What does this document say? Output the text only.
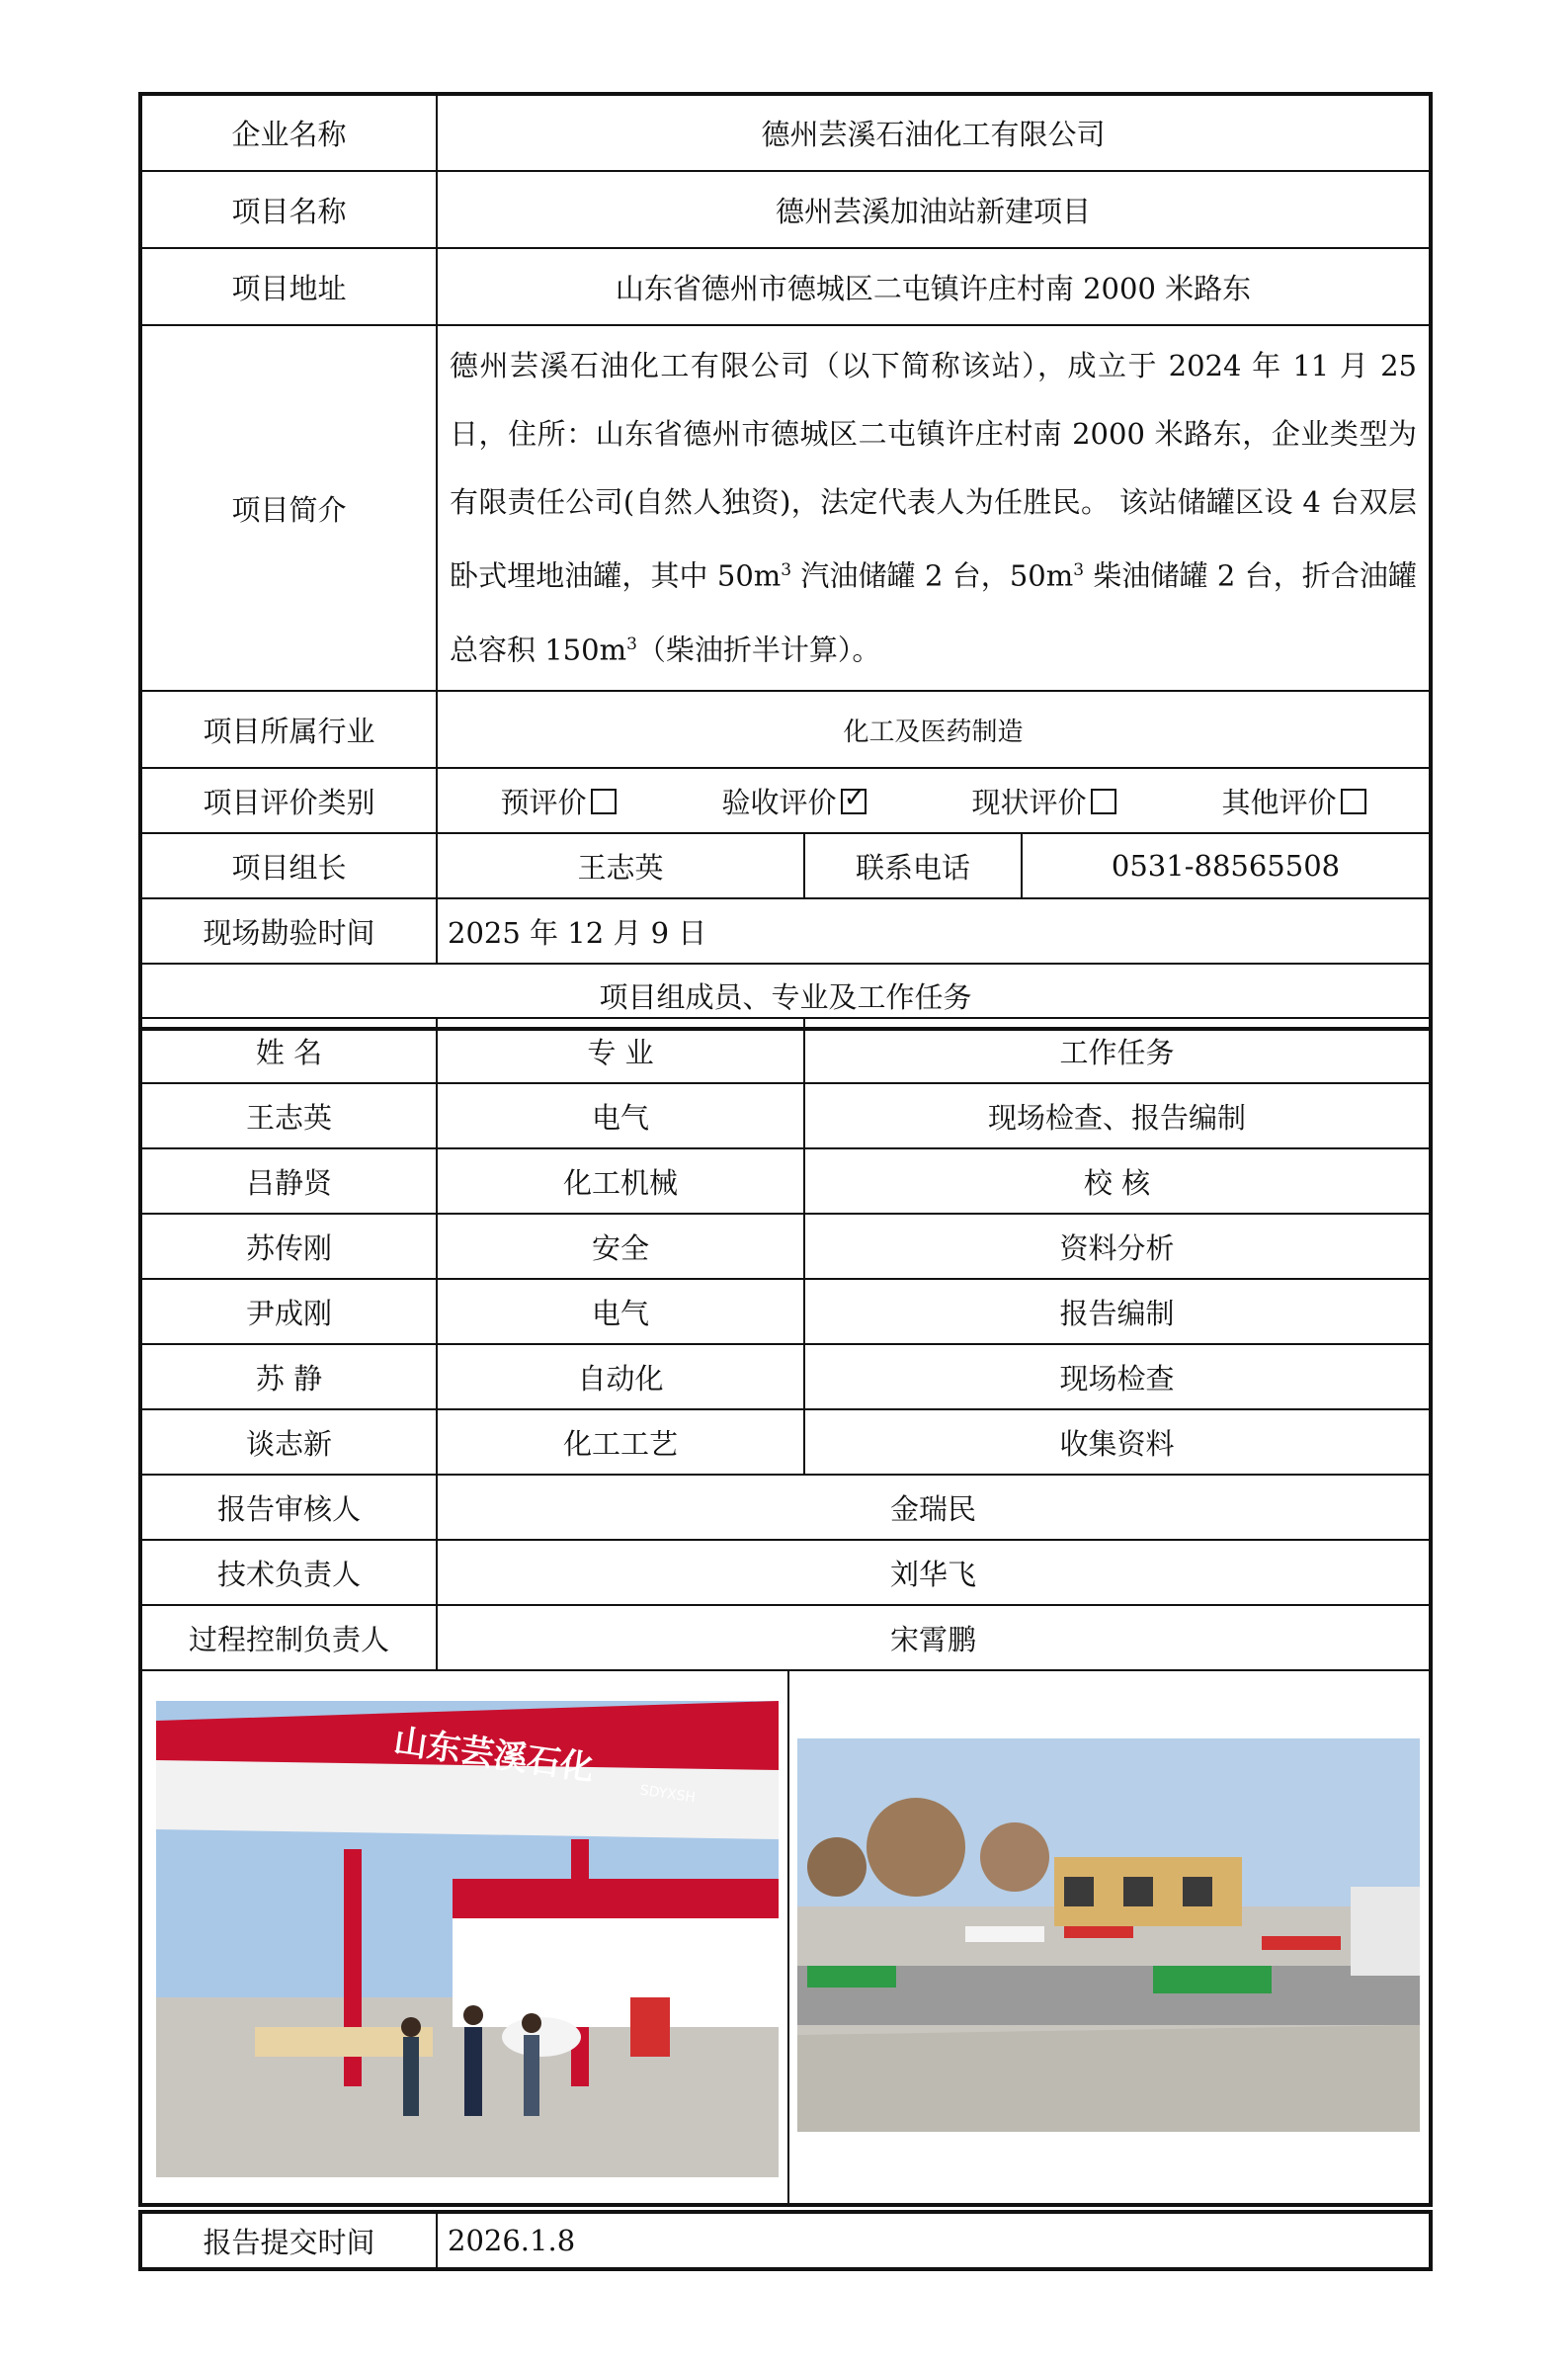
企业名称	德州芸溪石油化工有限公司		
项目名称	德州芸溪加油站新建项目		
项目地址	山东省德州市德城区二屯镇许庄村南 2000 米路东		
项目简介	德州芸溪石油化工有限公司（以下简称该站），成立于 2024 年 11 月 25 日，住所：山东省德州市德城区二屯镇许庄村南 2000 米路东，企业类型为有限责任公司(自然人独资)，法定代表人为任胜民。 该站储罐区设 4 台双层卧式埋地油罐，其中 $50m^3$ 汽油储罐 2 台，$50m^3$ 柴油储罐 2 台，折合油罐总容积 $150m^3$（柴油折半计算）。		
项目所属行业	化工及医药制造		
项目评价类别	预评价 验收评价 ✓ 现状评价 其他评价

项目组长	王志英	联系电话	0531-88565508
现场勘验时间	2025 年 12 月 9 日		
项目组成员、专业及工作任务			
姓 名	专 业	工作任务
王志英	电气	现场检查、报告编制
吕静贤	化工机械	校 核
苏传刚	安全	资料分析
尹成刚	电气	报告编制
苏 静	自动化	现场检查
谈志新	化工工艺	收集资料
报告审核人	金瑞民
技术负责人	刘华飞
过程控制负责人	宋霄鹏
山东芸溪石化
SDYXSH

报告提交时间	2026.1.8
